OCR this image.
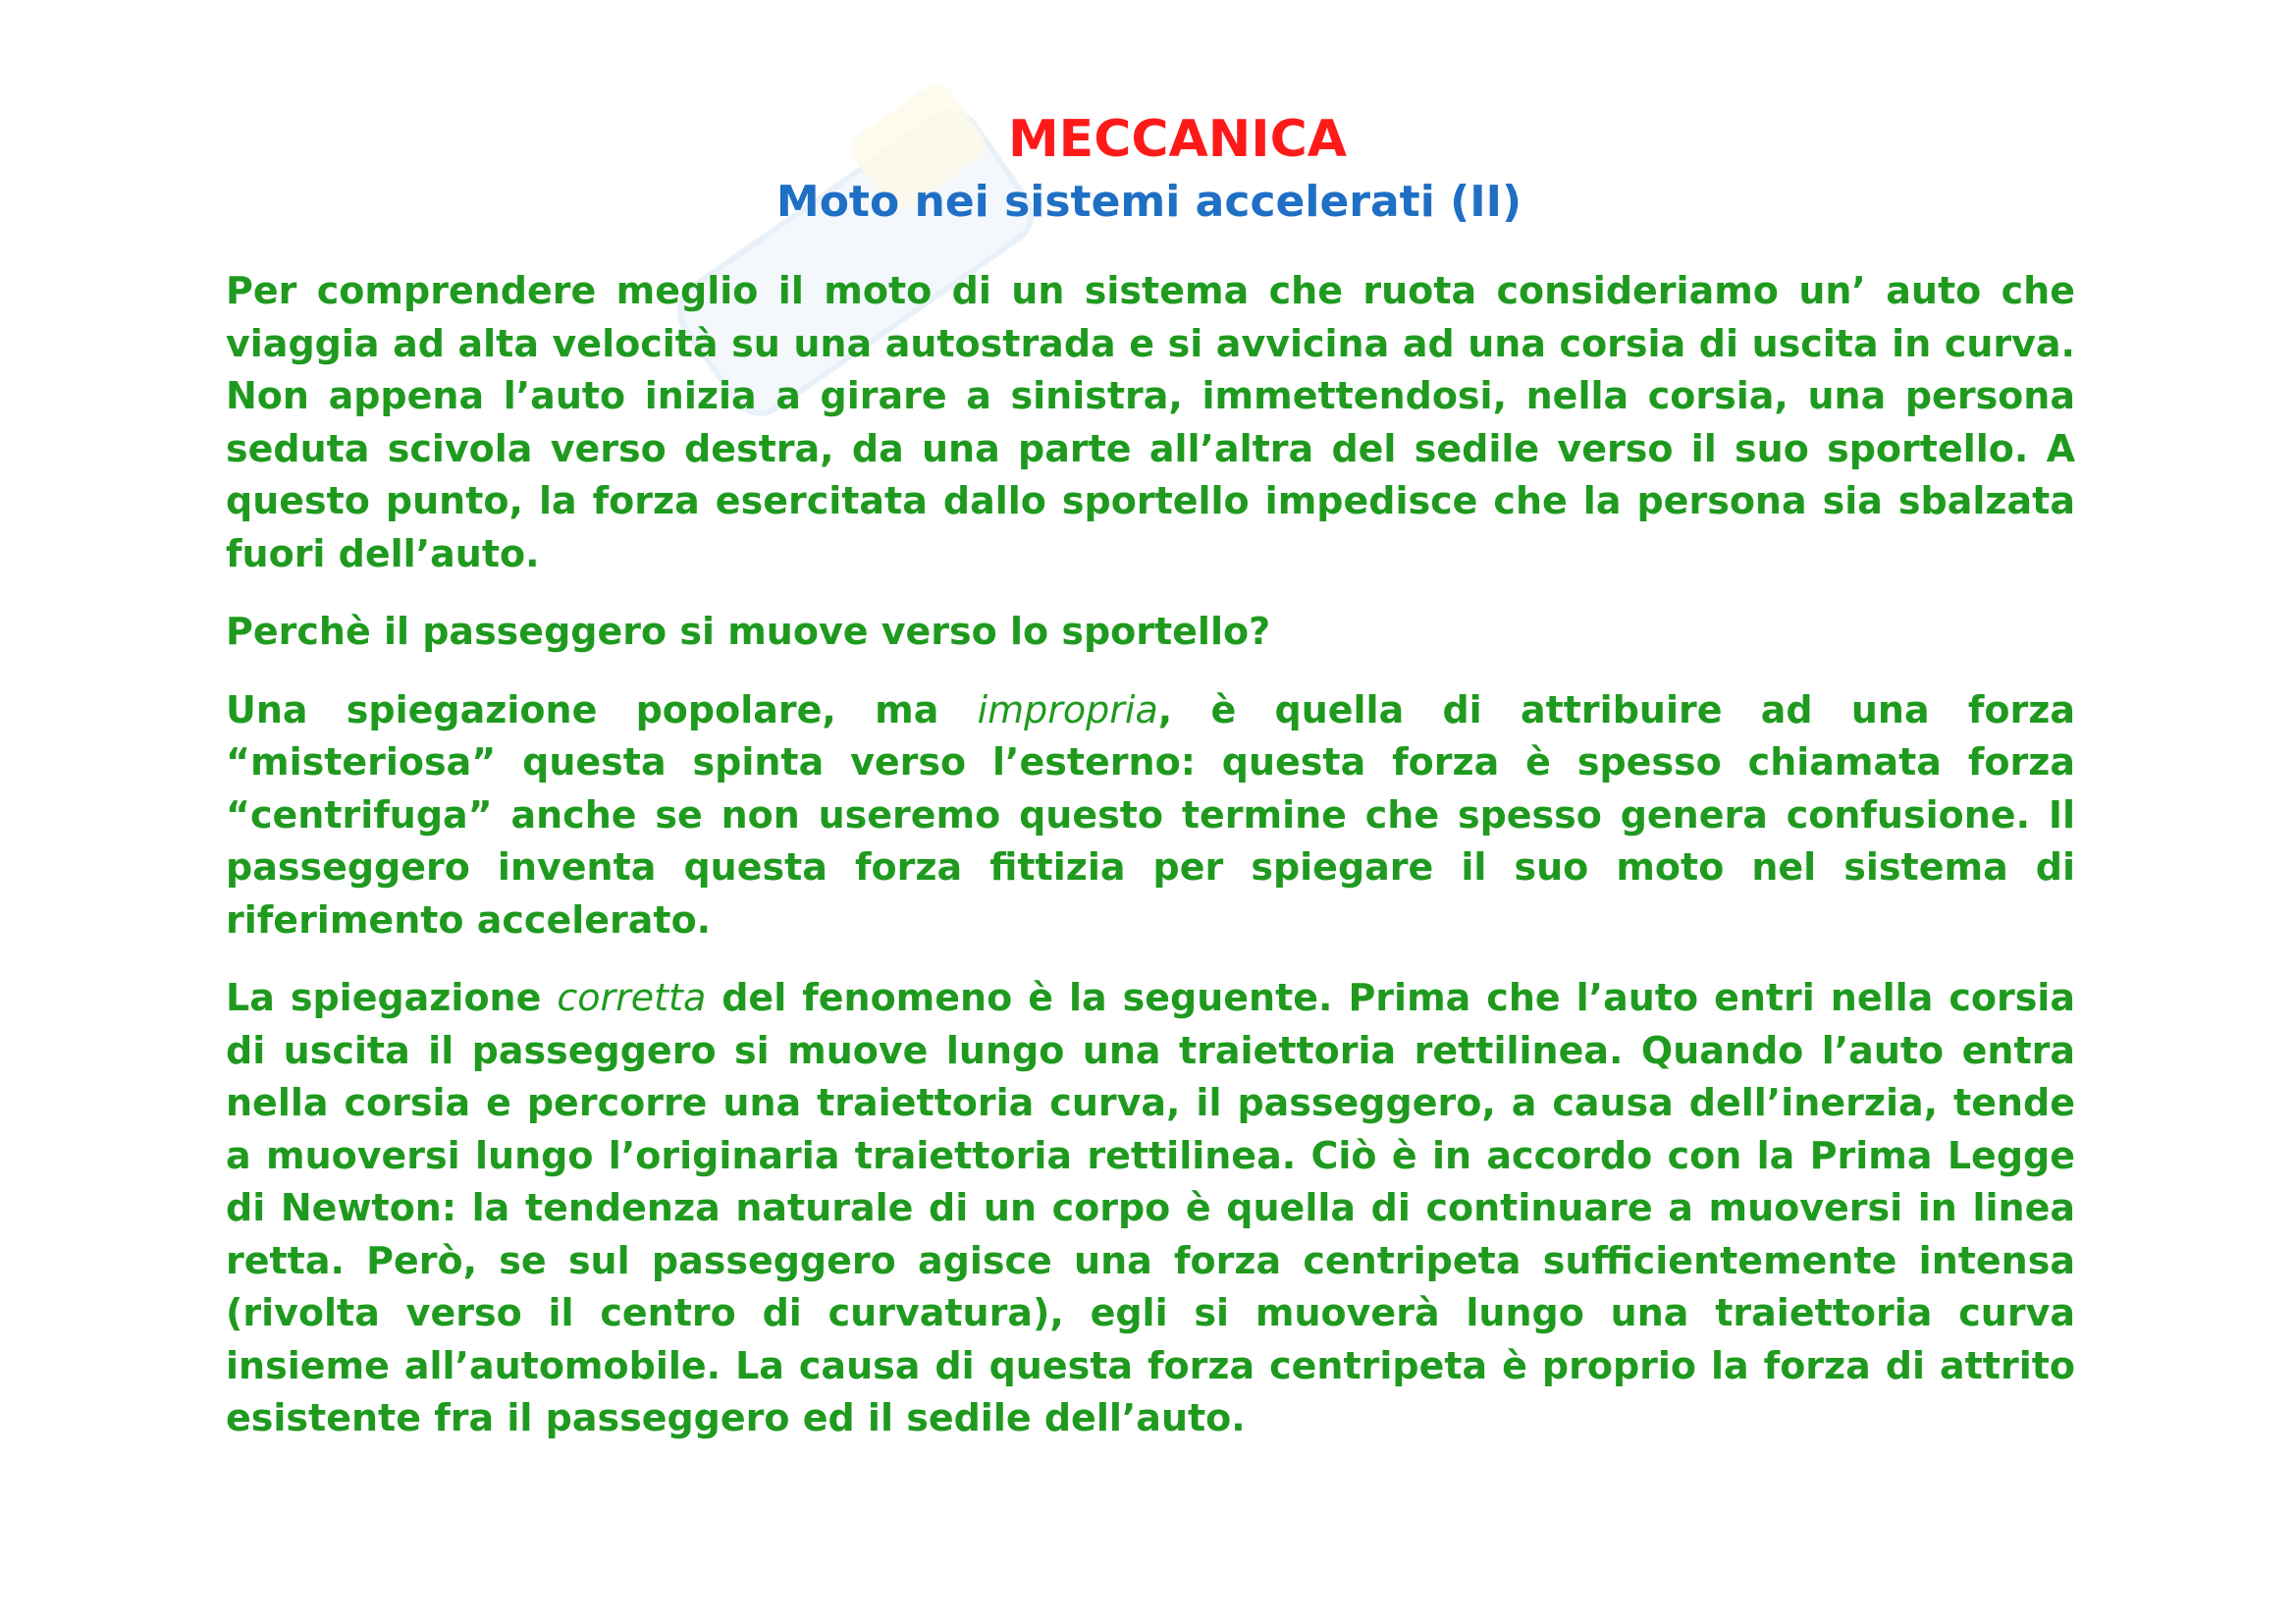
MECCANICA
Moto nei sistemi accelerati (II)

Per comprendere meglio il moto di un sistema che ruota consideriamo un’ auto che viaggia ad alta velocità su una autostrada e si avvicina ad una corsia di uscita in curva. Non appena l’auto inizia a girare a sinistra, immettendosi, nella corsia, una persona seduta scivola verso destra, da una parte all’altra del sedile verso il suo sportello. A questo punto, la forza esercitata dallo sportello impedisce che la persona sia sbalzata fuori dell’auto.

Perchè il passeggero si muove verso lo sportello?

Una spiegazione popolare, ma impropria, è quella di attribuire ad una forza “misteriosa” questa spinta verso l’esterno: questa forza è spesso chiamata forza “centrifuga” anche se non useremo questo termine che spesso genera confusione. Il passeggero inventa questa forza fittizia per spiegare il suo moto nel sistema di riferimento accelerato.

La spiegazione corretta del fenomeno è la seguente. Prima che l’auto entri nella corsia di uscita il passeggero si muove lungo una traiettoria rettilinea. Quando l’auto entra nella corsia e percorre una traiettoria curva, il passeggero, a causa dell’inerzia, tende a muoversi lungo l’originaria traiettoria rettilinea. Ciò è in accordo con la Prima Legge di Newton: la tendenza naturale di un corpo è quella di continuare a muoversi in linea retta. Però, se sul passeggero agisce una forza centripeta sufficientemente intensa (rivolta verso il centro di curvatura), egli si muoverà lungo una traiettoria curva insieme all’automobile. La causa di questa forza centripeta è proprio la forza di attrito esistente fra il passeggero ed il sedile dell’auto.
